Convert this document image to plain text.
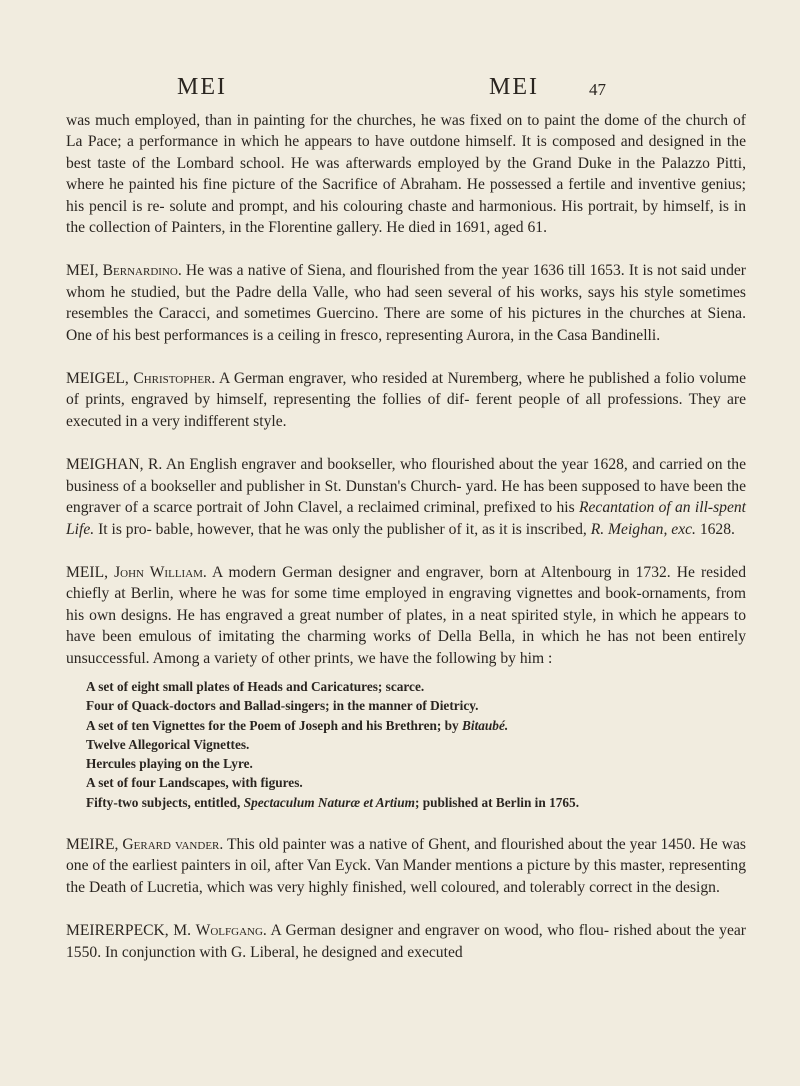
MEI	MEI	47

was much employed, than in painting for the churches, he was fixed on to paint the dome of the church of La Pace; a performance in which he appears to have outdone himself. It is composed and designed in the best taste of the Lombard school. He was afterwards employed by the Grand Duke in the Palazzo Pitti, where he painted his fine picture of the Sacrifice of Abraham. He possessed a fertile and inventive genius; his pencil is re- solute and prompt, and his colouring chaste and harmonious. His portrait, by himself, is in the collection of Painters, in the Florentine gallery. He died in 1691, aged 61.

MEI, Bernardino. He was a native of Siena, and flourished from the year 1636 till 1653. It is not said under whom he studied, but the Padre della Valle, who had seen several of his works, says his style sometimes resembles the Caracci, and sometimes Guercino. There are some of his pictures in the churches at Siena. One of his best performances is a ceiling in fresco, representing Aurora, in the Casa Bandinelli.

MEIGEL, Christopher. A German engraver, who resided at Nuremberg, where he published a folio volume of prints, engraved by himself, representing the follies of dif- ferent people of all professions. They are executed in a very indifferent style.

MEIGHAN, R. An English engraver and bookseller, who flourished about the year 1628, and carried on the business of a bookseller and publisher in St. Dunstan's Church- yard. He has been supposed to have been the engraver of a scarce portrait of John Clavel, a reclaimed criminal, prefixed to his Recantation of an ill-spent Life. It is pro- bable, however, that he was only the publisher of it, as it is inscribed, R. Meighan, exc. 1628.

MEIL, John William. A modern German designer and engraver, born at Altenbourg in 1732. He resided chiefly at Berlin, where he was for some time employed in engraving vignettes and book-ornaments, from his own designs. He has engraved a great number of plates, in a neat spirited style, in which he appears to have been emulous of imitating the charming works of Della Bella, in which he has not been entirely unsuccessful. Among a variety of other prints, we have the following by him :

A set of eight small plates of Heads and Caricatures; scarce.
Four of Quack-doctors and Ballad-singers; in the manner of Dietricy.
A set of ten Vignettes for the Poem of Joseph and his Brethren; by Bitaubé.
Twelve Allegorical Vignettes.
Hercules playing on the Lyre.
A set of four Landscapes, with figures.
Fifty-two subjects, entitled, Spectaculum Naturæ et Artium; published at Berlin in 1765.

MEIRE, Gerard vander. This old painter was a native of Ghent, and flourished about the year 1450. He was one of the earliest painters in oil, after Van Eyck. Van Mander mentions a picture by this master, representing the Death of Lucretia, which was very highly finished, well coloured, and tolerably correct in the design.

MEIRERPECK, M. Wolfgang. A German designer and engraver on wood, who flou- rished about the year 1550. In conjunction with G. Liberal, he designed and executed
